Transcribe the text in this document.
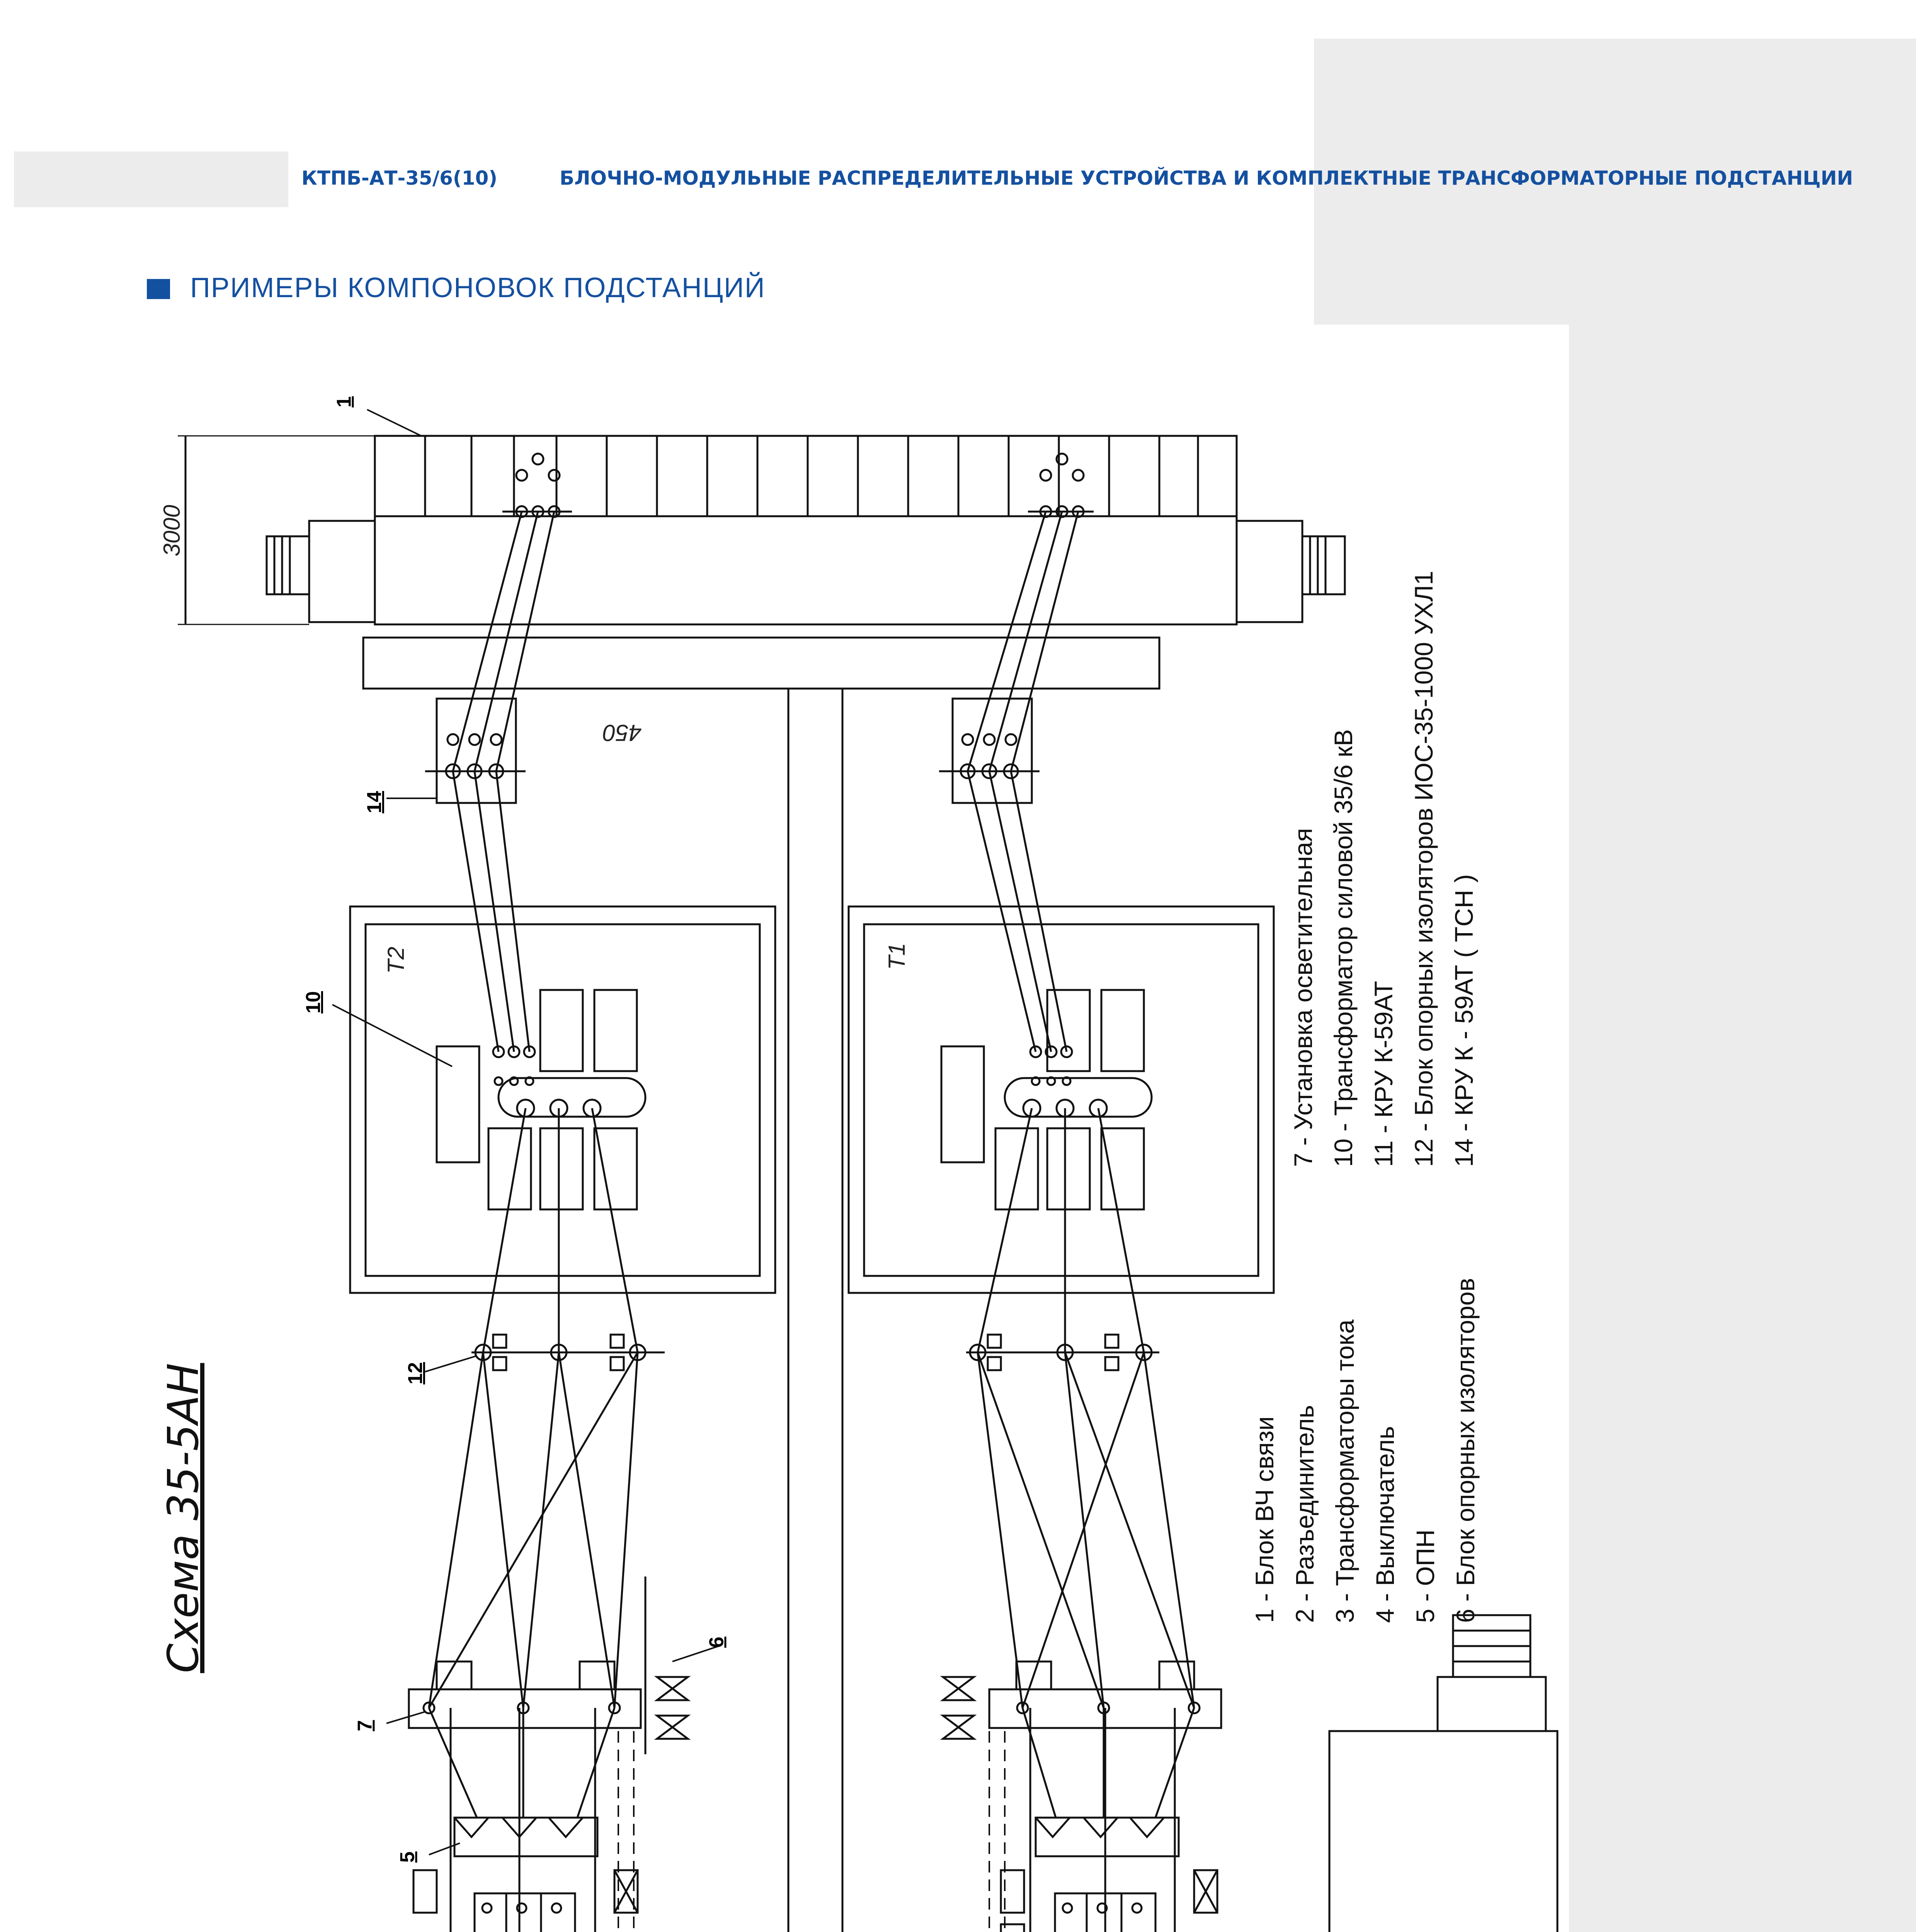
КТПБ-АТ-35/6(10)	БЛОЧНО-МОДУЛЬНЫЕ РАСПРЕДЕЛИТЕЛЬНЫЕ УСТРОЙСТВА И КОМПЛЕКТНЫЕ ТРАНСФОРМАТОРНЫЕ ПОДСТАНЦИИ
ПРИМЕРЫ КОМПОНОВОК ПОДСТАНЦИЙ
1
14
10
12
7
6
5
3000
450
Т2	Т1
Схема 35-5АН	1 - Блок ВЧ связи 2 - Разъединитель 3 - Трансформаторы тока 4 - Выключатель 5 - ОПН 6 - Блок опорных изоляторов
7 - Установка осветительная 10 - Трансформатор силовой 35/6 кВ 11 - КРУ К-59АТ 12 - Блок опорных изоляторов ИОС-35-1000 УХЛ1 14 - КРУ К - 59АТ ( ТСН )
